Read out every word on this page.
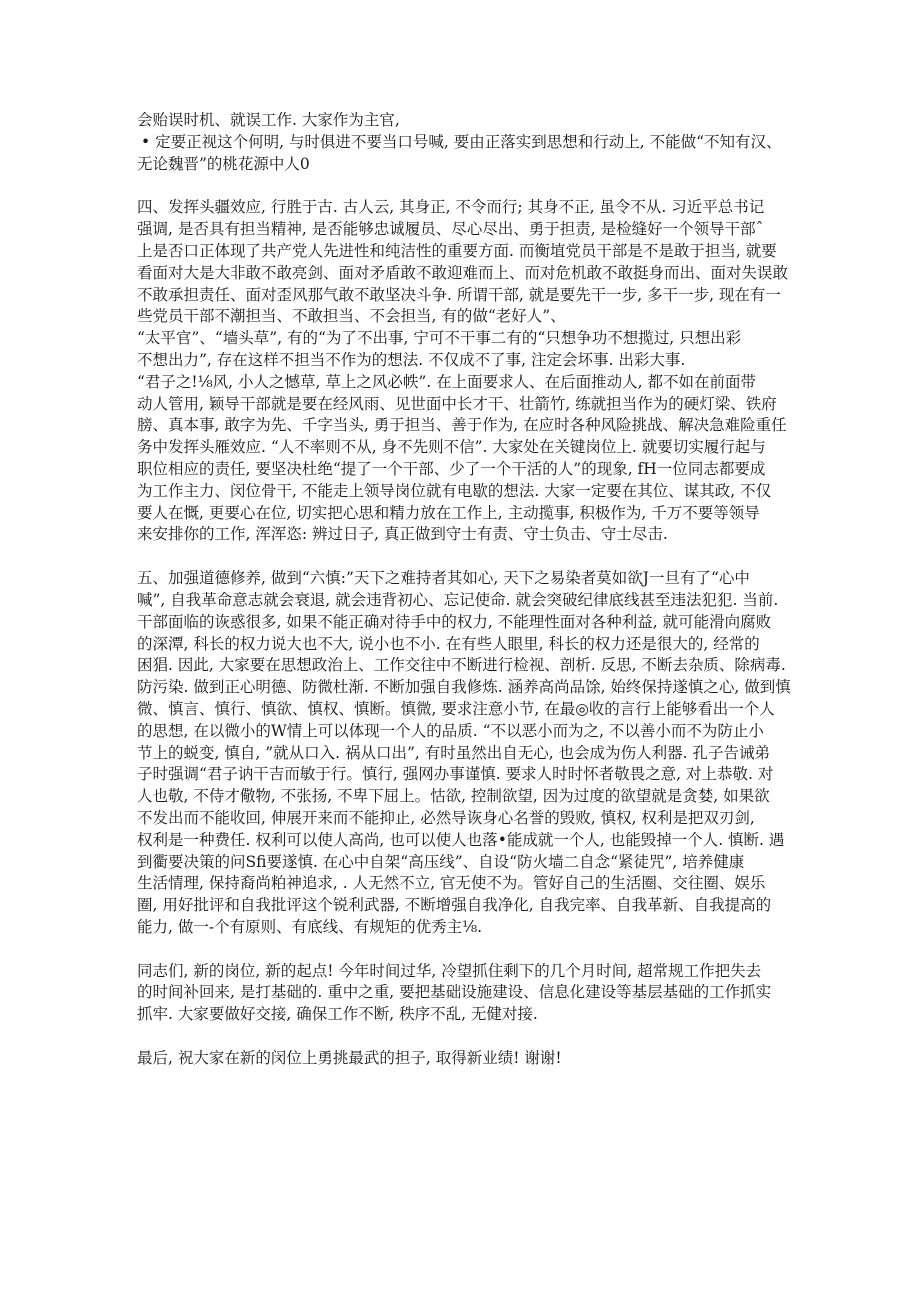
会贻误时机、就误工作. 大家作为主官,
• 定要正视这个何明, 与时俱进不要当口号喊, 要由正落实到思想和行动上, 不能做“不知有汉、
无论魏晋”的桃花源中人0
四、发挥头疆效应, 行胜于古. 古人云, 其身正, 不令而行; 其身不正, 虽令不从. 习近平总书记
强调, 是否具有担当精神, 是否能够忠诚履员、尽心尽出、勇于担责, 是检缝好一个领导干部ˆ
上是否口正体现了共产党人先进性和纯洁性的重要方面. 而衡埴党员干部是不是敢于担当, 就要
看面对大是大非敢不敢亮剑、面对矛盾敢不敢迎难而上、而对危机敢不敢挺身而出、面对失误敢
不敢承担责任、面对歪风那气敢不敢坚决斗争. 所谓干部, 就是要先干一步, 多干一步, 现在有一
些党员干部不潮担当、不敢担当、不会担当, 有的做“老好人”、
“太平官”、“墙头草”, 有的“为了不出事, 宁可不干事二有的“只想争功不想揽过, 只想出彩
不想出力”, 存在这样不担当不作为的想法. 不仅成不了事, 注定会坏事. 出彩大事.
“君子之!⅛风, 小人之憾草, 草上之风必帙”. 在上面要求人、在后面推动人, 都不如在前面带
动人管用, 颖导干部就是要在经风雨、见世面中长才干、壮箭竹, 练就担当作为的硬灯梁、铁府
膀、真本事, 敢字为先、千字当头, 勇于担当、善于作为, 在应时各种风险挑战、解决急难险重任
务中发挥头雁效应. “人不率则不从, 身不先则不信”. 大家处在关键岗位上. 就要切实履行起与
职位相应的责任, 要坚决杜绝“提了一个干部、少了一个干活的人”的现象, fH一位同志都要成
为工作主力、闵位骨干, 不能走上领导岗位就有电歇的想法. 大家一定要在其位、谋其政, 不仅
要人在慨, 更要心在位, 切实把心思和精力放在工作上, 主动揽事, 积极作为, 千万不要等领导
来安排你的工作, 浑浑恣: 辨过日子, 真正做到守士有责、守士负击、守士尽击.
五、加强道德修养, 做到“六慎:”天下之难持者其如心, 天下之易染者莫如欲J一旦有了“心中
喊”, 自我革命意志就会衰退, 就会违背初心、忘记使命. 就会突破纪律底线甚至违法犯犯. 当前.
干部面临的诙惑很多, 如果不能正确对待手中的权力, 不能理性面对各种利益, 就可能滑向腐败
的深潭, 科长的权力说大也不大, 说小也不小. 在有些人眼里, 科长的权力还是很大的, 经常的
困猖. 因此, 大家要在思想政治上、工作交往中不断进行检视、剖析. 反思, 不断去杂质、除病毒.
防污染. 做到正心明德、防微杜渐. 不断加强自我修炼. 涵养高尚品馀, 始终保持遂慎之心, 做到慎
微、慎言、慎行、慎欲、慎权、慎断。慎微, 要求注意小节, 在最◎收的言行上能够看出一个人
的思想, 在以微小的W情上可以体现一个人的品质. “不以恶小而为之, 不以善小而不为防止小
节上的蜕变, 慎自, ”就从口入. 祸从口出”, 有时虽然出自无心, 也会成为伤人利器. 孔子告诫弟
子时强调“君子讷干吉而敏于行。慎行, 强网办事谨慎. 要求人时时怀者敬畏之意, 对上恭敬. 对
人也敬, 不侍才儆物, 不张扬, 不卑下屈上。怙欲, 控制欲望, 因为过度的欲望就是贪婪, 如果欲
不发出而不能收回, 伸展开来而不能抑止, 必然导诙身心名誉的毁败, 慎权, 权利是把双刃剑,
权利是一种费任. 权利可以使人高尚, 也可以使人也落•能成就一个人, 也能毁掉一个人. 慎断. 遇
到衢要决策的问Sfi要遂慎. 在心中自架“高压线”、自设“防火墙二自念“紧徒咒”, 培养健康
生活情理, 保持裔尚粕神追求, . 人无然不立, 官无使不为。管好自己的生活圈、交往圈、娱乐
圈, 用好批评和自我批评这个锐利武器, 不断增强自我净化, 自我完率、自我革新、自我提高的
能力, 做一-个有原则、有底线、有规矩的优秀主⅛.
同志们, 新的岗位, 新的起点! 今年时间过华, 冷望抓住剩下的几个月时间, 超常规工作把失去
的时间补回来, 是打基础的. 重中之重, 要把基础设施建设、信息化建设等基层基础的工作抓实
抓牢. 大家要做好交接, 确保工作不断, 秩序不乱, 无健对接.
最后, 祝大家在新的闵位上勇挑最武的担子, 取得新业绩! 谢谢!
